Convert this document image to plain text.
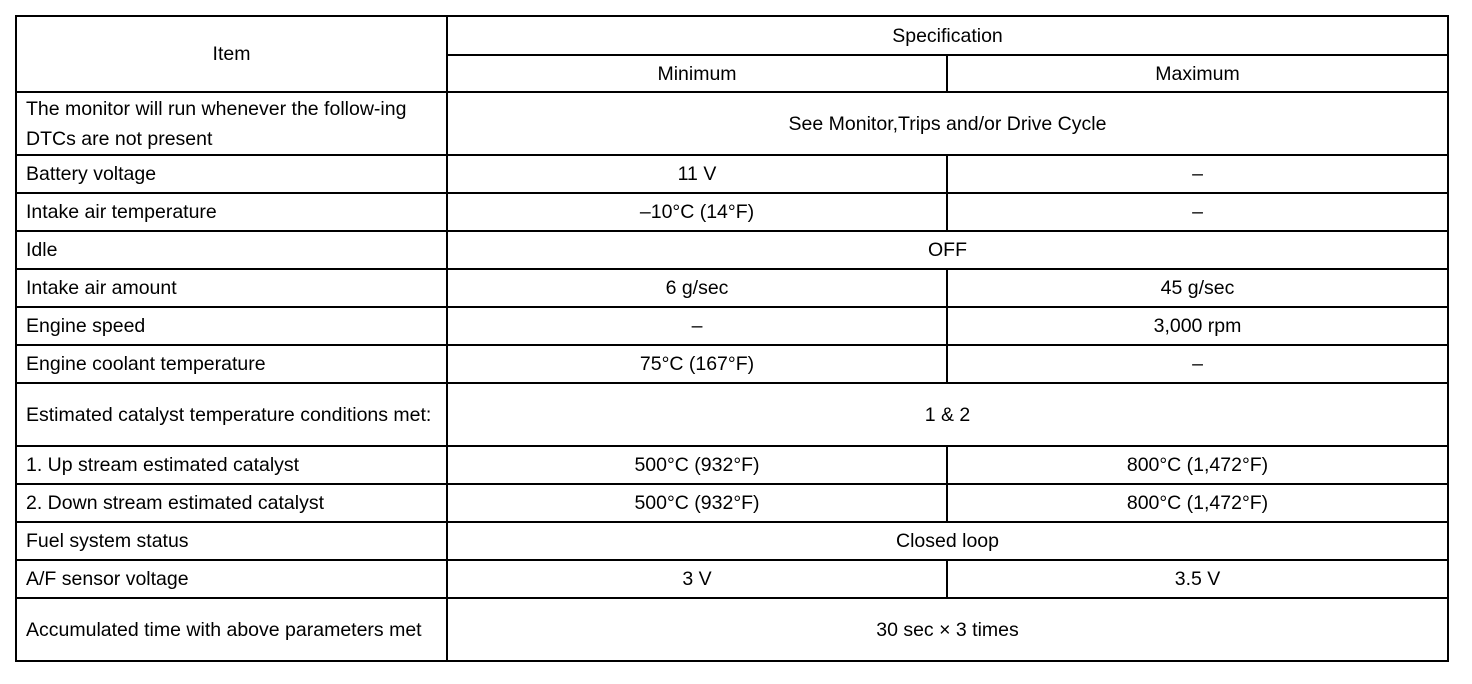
Item	Specification	
	Minimum	Maximum
The monitor will run whenever the follow-ing DTCs are not present	See Monitor,Trips and/or Drive Cycle	
Battery voltage	11 V	–
Intake air temperature	–10°C (14°F)	–
Idle	OFF	
Intake air amount	6 g/sec	45 g/sec
Engine speed	–	3,000 rpm
Engine coolant temperature	75°C (167°F)	–
Estimated catalyst temperature conditions met:	1 & 2	
1. Up stream estimated catalyst	500°C (932°F)	800°C (1,472°F)
2. Down stream estimated catalyst	500°C (932°F)	800°C (1,472°F)
Fuel system status	Closed loop	
A/F sensor voltage	3 V	3.5 V
Accumulated time with above parameters met	30 sec × 3 times	
